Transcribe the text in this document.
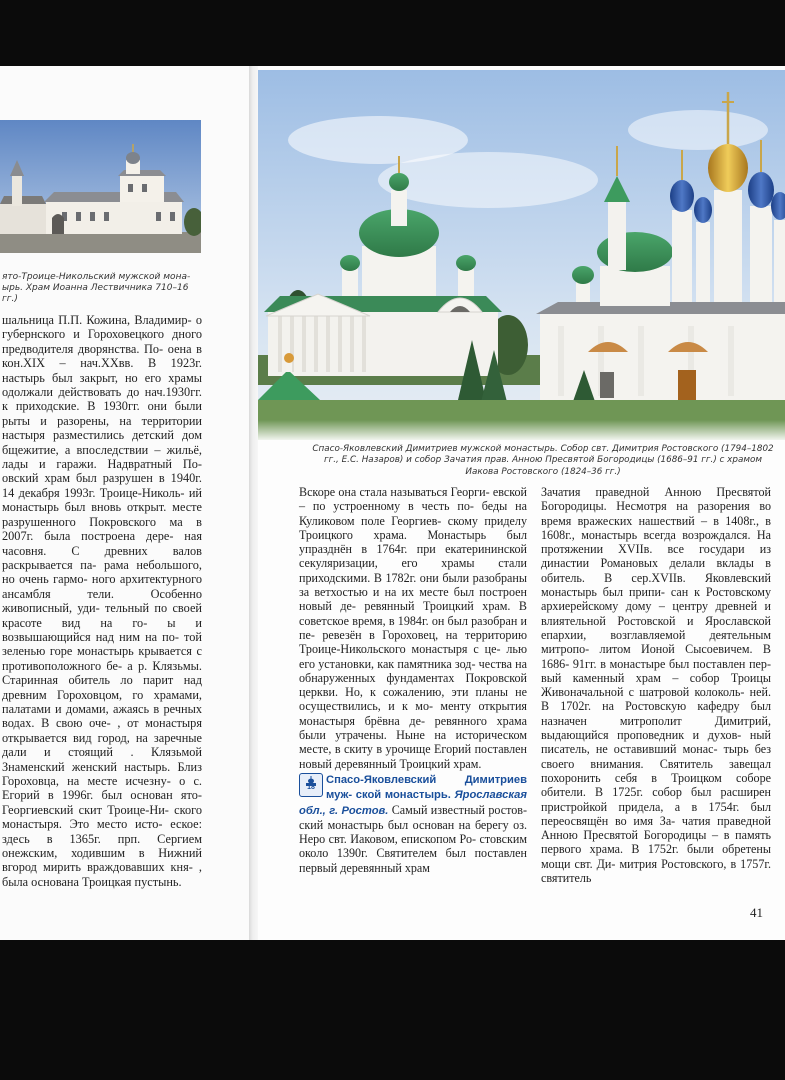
ято-Троице-Никольский мужской мона- ырь. Храм Иоанна Лествичника 710–16 гг.)

шальница П.П. Кожина, Владимир- о губернского и Гороховецкого дного предводителя дворянства. По- оена в кон.XIX – нач.XXвв. В 1923г. настырь был закрыт, но его храмы одолжали действовать до нач.1930гг. к приходские. В 1930гг. они были рыты и разорены, на территории настыря разместились детский дом бщежитие, а впоследствии – жильё, лады и гаражи. Надвратный По- овский храм был разрушен в 1940г. 14 декабря 1993г. Троице-Николь- ий монастырь был вновь открыт. месте разрушенного Покровского ма в 2007г. была построена дере- ная часовня. С древних валов раскрывается па- рама небольшого, но очень гармо- ного архитектурного ансамбля тели. Особенно живописный, уди- тельный по своей красоте вид на го- ы и возвышающийся над ним на по- той зеленью горе монастырь крывается с противоположного бе- а р. Клязьмы. Старинная обитель ло парит над древним Гороховцом, го храмами, палатами и домами, ажаясь в речных водах. В свою оче- , от монастыря открывается вид город, на заречные дали и стоящий . Клязьмой Знаменский женский настырь. Близ Гороховца, на месте исчезну- о с. Егорий в 1996г. был основан ято-Георгиевский скит Троице-Ни- ского монастыря. Это место исто- еское: здесь в 1365г. прп. Сергием онежским, ходившим в Нижний вгород мирить враждовавших кня- , была основана Троицкая пустынь.

Спасо-Яковлевский Димитриев мужской монастырь. Собор свт. Димитрия Ростовского (1794–1802 гг., Е.С. Назаров) и собор Зачатия прав. Анною Пресвятой Богородицы (1686–91 гг.) с храмом Иакова Ростовского (1824–36 гг.)

Вскоре она стала называться Георги- евской – по устроенному в честь по- беды на Куликовом поле Георгиев- скому приделу Троицкого храма. Монастырь был упразднён в 1764г. при екатерининской секуляризации, его храмы стали приходскими. В 1782г. они были разобраны за ветхостью и на их месте был построен новый де- ревянный Троицкий храм. В советское время, в 1984г. он был разобран и пе- ревезён в Гороховец, на территорию Троице-Никольского монастыря с це- лью его установки, как памятника зод- чества на обнаруженных фундаментах Покровской церкви. Но, к сожалению, эти планы не осуществились, и к мо- менту открытия монастыря брёвна де- ревянного храма были утрачены. Ныне на историческом месте, в скиту в урочище Егорий поставлен новый деревянный Троицкий храм.

18
Спасо-Яковлевский Димитриев муж- ской монастырь. Ярославская обл., г. Ростов. Самый известный ростов- ский монастырь был основан на берегу оз. Неро свт. Иаковом, епископом Ро- стовским около 1390г. Святителем был поставлен первый деревянный храм

Зачатия праведной Анною Пресвятой Богородицы. Несмотря на разорения во время вражеских нашествий – в 1408г., в 1608г., монастырь всегда возрождался. На протяжении XVIIв. все государи из династии Романовых делали вклады в обитель. В сер.XVIIв. Яковлевский монастырь был припи- сан к Ростовскому архиерейскому дому – центру древней и влиятельной Ростовской и Ярославской епархии, возглавляемой деятельным митропо- литом Ионой Сысоевичем. В 1686- 91гг. в монастыре был поставлен пер- вый каменный храм – собор Троицы Живоначальной с шатровой колоколь- ней. В 1702г. на Ростовскую кафедру был назначен митрополит Димитрий, выдающийся проповедник и духов- ный писатель, не оставивший монас- тырь без своего внимания. Святитель завещал похоронить себя в Троицком соборе обители. В 1725г. собор был расширен пристройкой придела, а в 1754г. был переосвящён во имя За- чатия праведной Анною Пресвятой Богородицы – в память первого храма. В 1752г. были обретены мощи свт. Ди- митрия Ростовского, в 1757г. святитель

41
